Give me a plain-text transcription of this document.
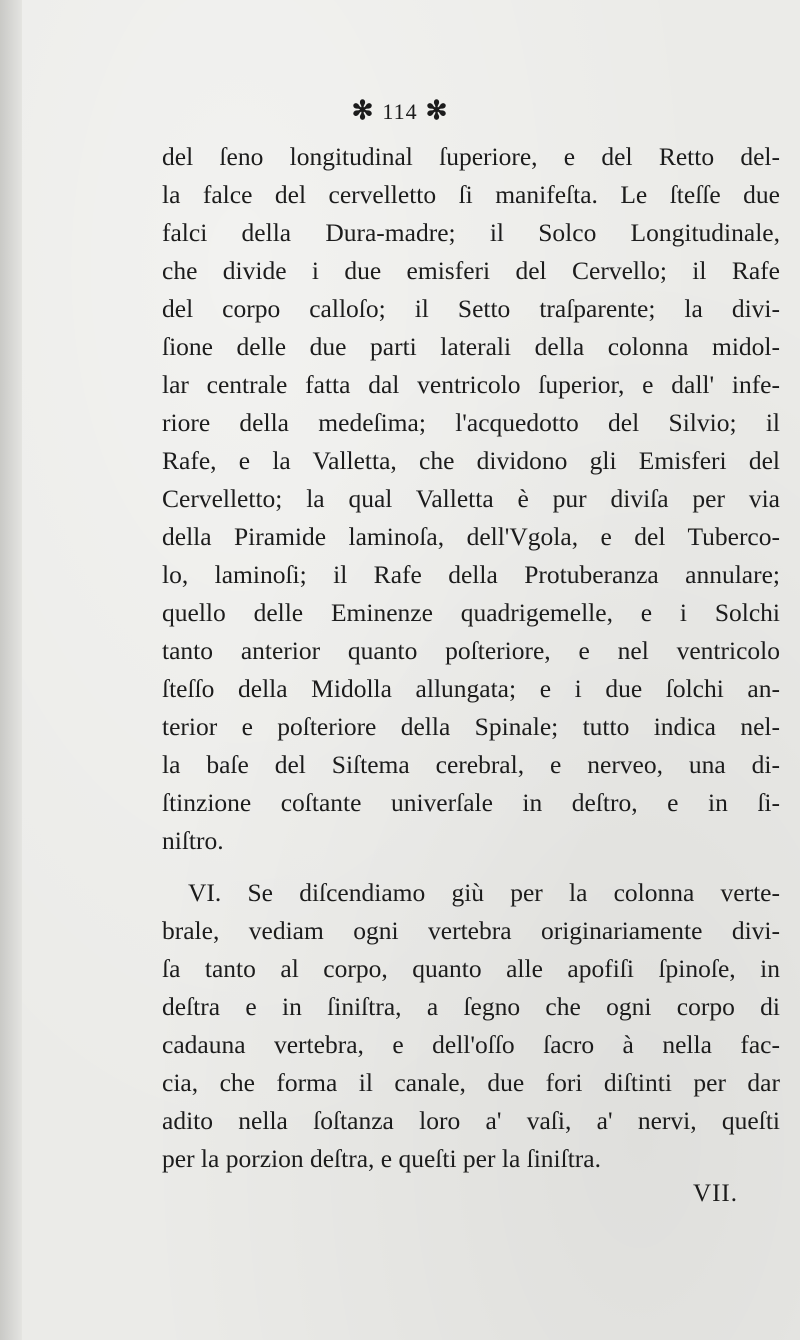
✻ 114 ✻
del ſeno longitudinal ſuperiore, e del Retto del-
la falce del cervelletto ſi manifeſta. Le ſteſſe due
falci della Dura-madre; il Solco Longitudinale,
che divide i due emisferi del Cervello; il Rafe
del corpo calloſo; il Setto traſparente; la divi-
ſione delle due parti laterali della colonna midol-
lar centrale fatta dal ventricolo ſuperior, e dall' infe-
riore della medeſima; l'acquedotto del Silvio; il
Rafe, e la Valletta, che dividono gli Emisferi del
Cervelletto; la qual Valletta è pur diviſa per via
della Piramide laminoſa, dell'Vgola, e del Tuberco-
lo, laminoſi; il Rafe della Protuberanza annulare;
quello delle Eminenze quadrigemelle, e i Solchi
tanto anterior quanto poſteriore, e nel ventricolo
ſteſſo della Midolla allungata; e i due ſolchi an-
terior e poſteriore della Spinale; tutto indica nel-
la baſe del Siſtema cerebral, e nerveo, una di-
ſtinzione coſtante univerſale in deſtro, e in ſi-
niſtro.
VI. Se diſcendiamo giù per la colonna verte-
brale, vediam ogni vertebra originariamente divi-
ſa tanto al corpo, quanto alle apofiſi ſpinoſe, in
deſtra e in ſiniſtra, a ſegno che ogni corpo di
cadauna vertebra, e dell'oſſo ſacro à nella fac-
cia, che forma il canale, due fori diſtinti per dar
adito nella ſoſtanza loro a' vaſi, a' nervi, queſti
per la porzion deſtra, e queſti per la ſiniſtra.
VII.
